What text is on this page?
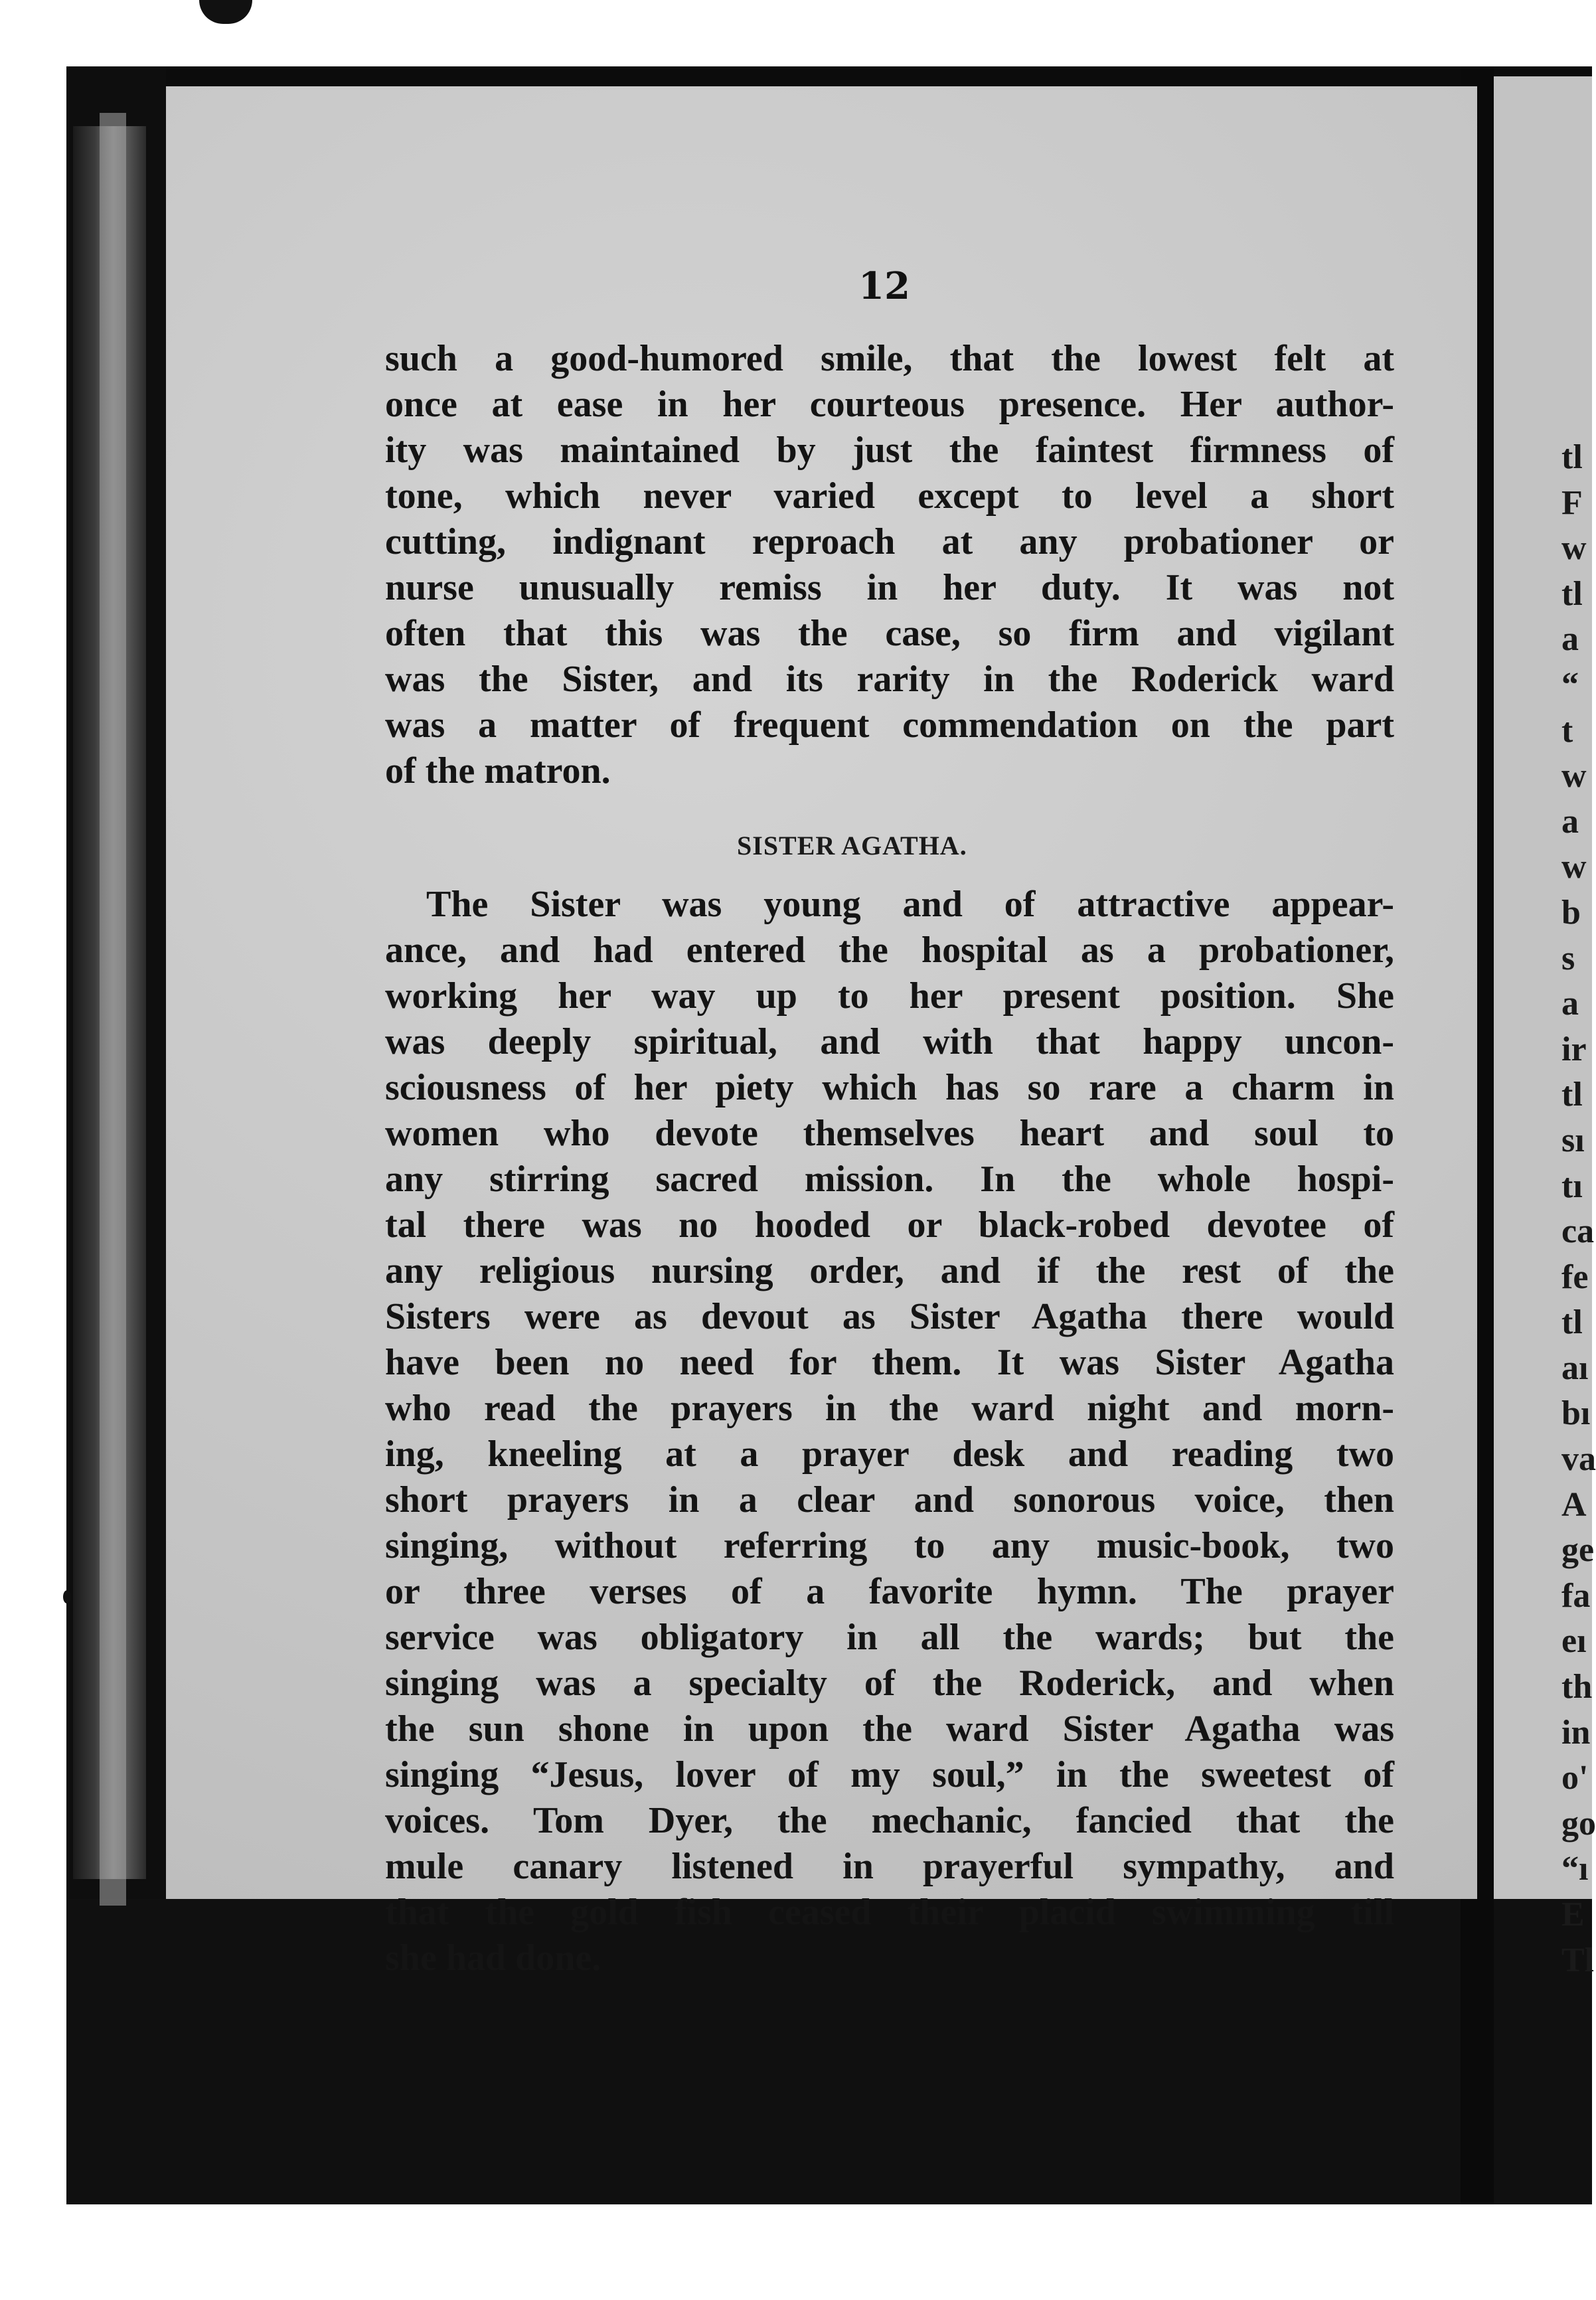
12
such a good-humored smile, that the lowest felt at
once at ease in her courteous presence. Her author-
ity was maintained by just the faintest firmness of
tone, which never varied except to level a short
cutting, indignant reproach at any probationer or
nurse unusually remiss in her duty. It was not
often that this was the case, so firm and vigilant
was the Sister, and its rarity in the Roderick ward
was a matter of frequent commendation on the part
of the matron.
SISTER AGATHA.
The Sister was young and of attractive appear-
ance, and had entered the hospital as a probationer,
working her way up to her present position. She
was deeply spiritual, and with that happy uncon-
sciousness of her piety which has so rare a charm in
women who devote themselves heart and soul to
any stirring sacred mission. In the whole hospi-
tal there was no hooded or black-robed devotee of
any religious nursing order, and if the rest of the
Sisters were as devout as Sister Agatha there would
have been no need for them. It was Sister Agatha
who read the prayers in the ward night and morn-
ing, kneeling at a prayer desk and reading two
short prayers in a clear and sonorous voice, then
singing, without referring to any music-book, two
or three verses of a favorite hymn. The prayer
service was obligatory in all the wards; but the
singing was a specialty of the Roderick, and when
the sun shone in upon the ward Sister Agatha was
singing “Jesus, lover of my soul,” in the sweetest of
voices. Tom Dyer, the mechanic, fancied that the
mule canary listened in prayerful sympathy, and
that the gold fish ceased their placid swimming till
she had done.
tl
F
w
tl
a
“
t
w
a
w
b
s
a
ir
tl
sı
tı
ca
fe
tl
aı
bı
va
A
ge
fa
eı
th
in
o'
go
“ı
E
Tl
